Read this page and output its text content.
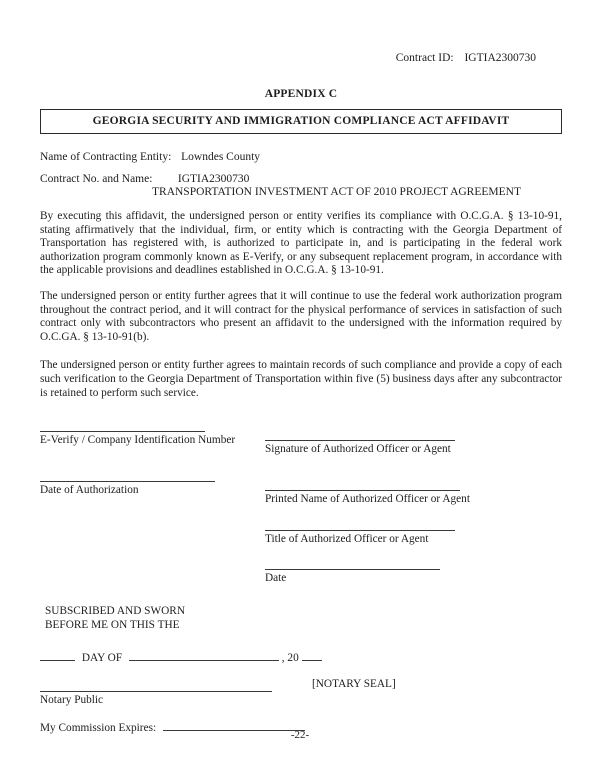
Contract ID: IGTIA2300730
APPENDIX C
GEORGIA SECURITY AND IMMIGRATION COMPLIANCE ACT AFFIDAVIT
Name of Contracting Entity: Lowndes County
Contract No. and Name: IGTIA2300730
TRANSPORTATION INVESTMENT ACT OF 2010 PROJECT AGREEMENT

By executing this affidavit, the undersigned person or entity verifies its compliance with O.C.G.A. § 13-10-91, stating affirmatively that the individual, firm, or entity which is contracting with the Georgia Department of Transportation has registered with, is authorized to participate in, and is participating in the federal work authorization program commonly known as E-Verify, or any subsequent replacement program, in accordance with the applicable provisions and deadlines established in O.C.G.A. § 13-10-91.

The undersigned person or entity further agrees that it will continue to use the federal work authorization program throughout the contract period, and it will contract for the physical performance of services in satisfaction of such contract only with subcontractors who present an affidavit to the undersigned with the information required by O.C.GA. § 13-10-91(b).

The undersigned person or entity further agrees to maintain records of such compliance and provide a copy of each such verification to the Georgia Department of Transportation within five (5) business days after any subcontractor is retained to perform such service.

E-Verify / Company Identification Number
Signature of Authorized Officer or Agent
Date of Authorization
Printed Name of Authorized Officer or Agent
Title of Authorized Officer or Agent
Date
SUBSCRIBED AND SWORN
BEFORE ME ON THIS THE
DAY OF	, 20
Notary Public
[NOTARY SEAL]
My Commission Expires:
-22-
